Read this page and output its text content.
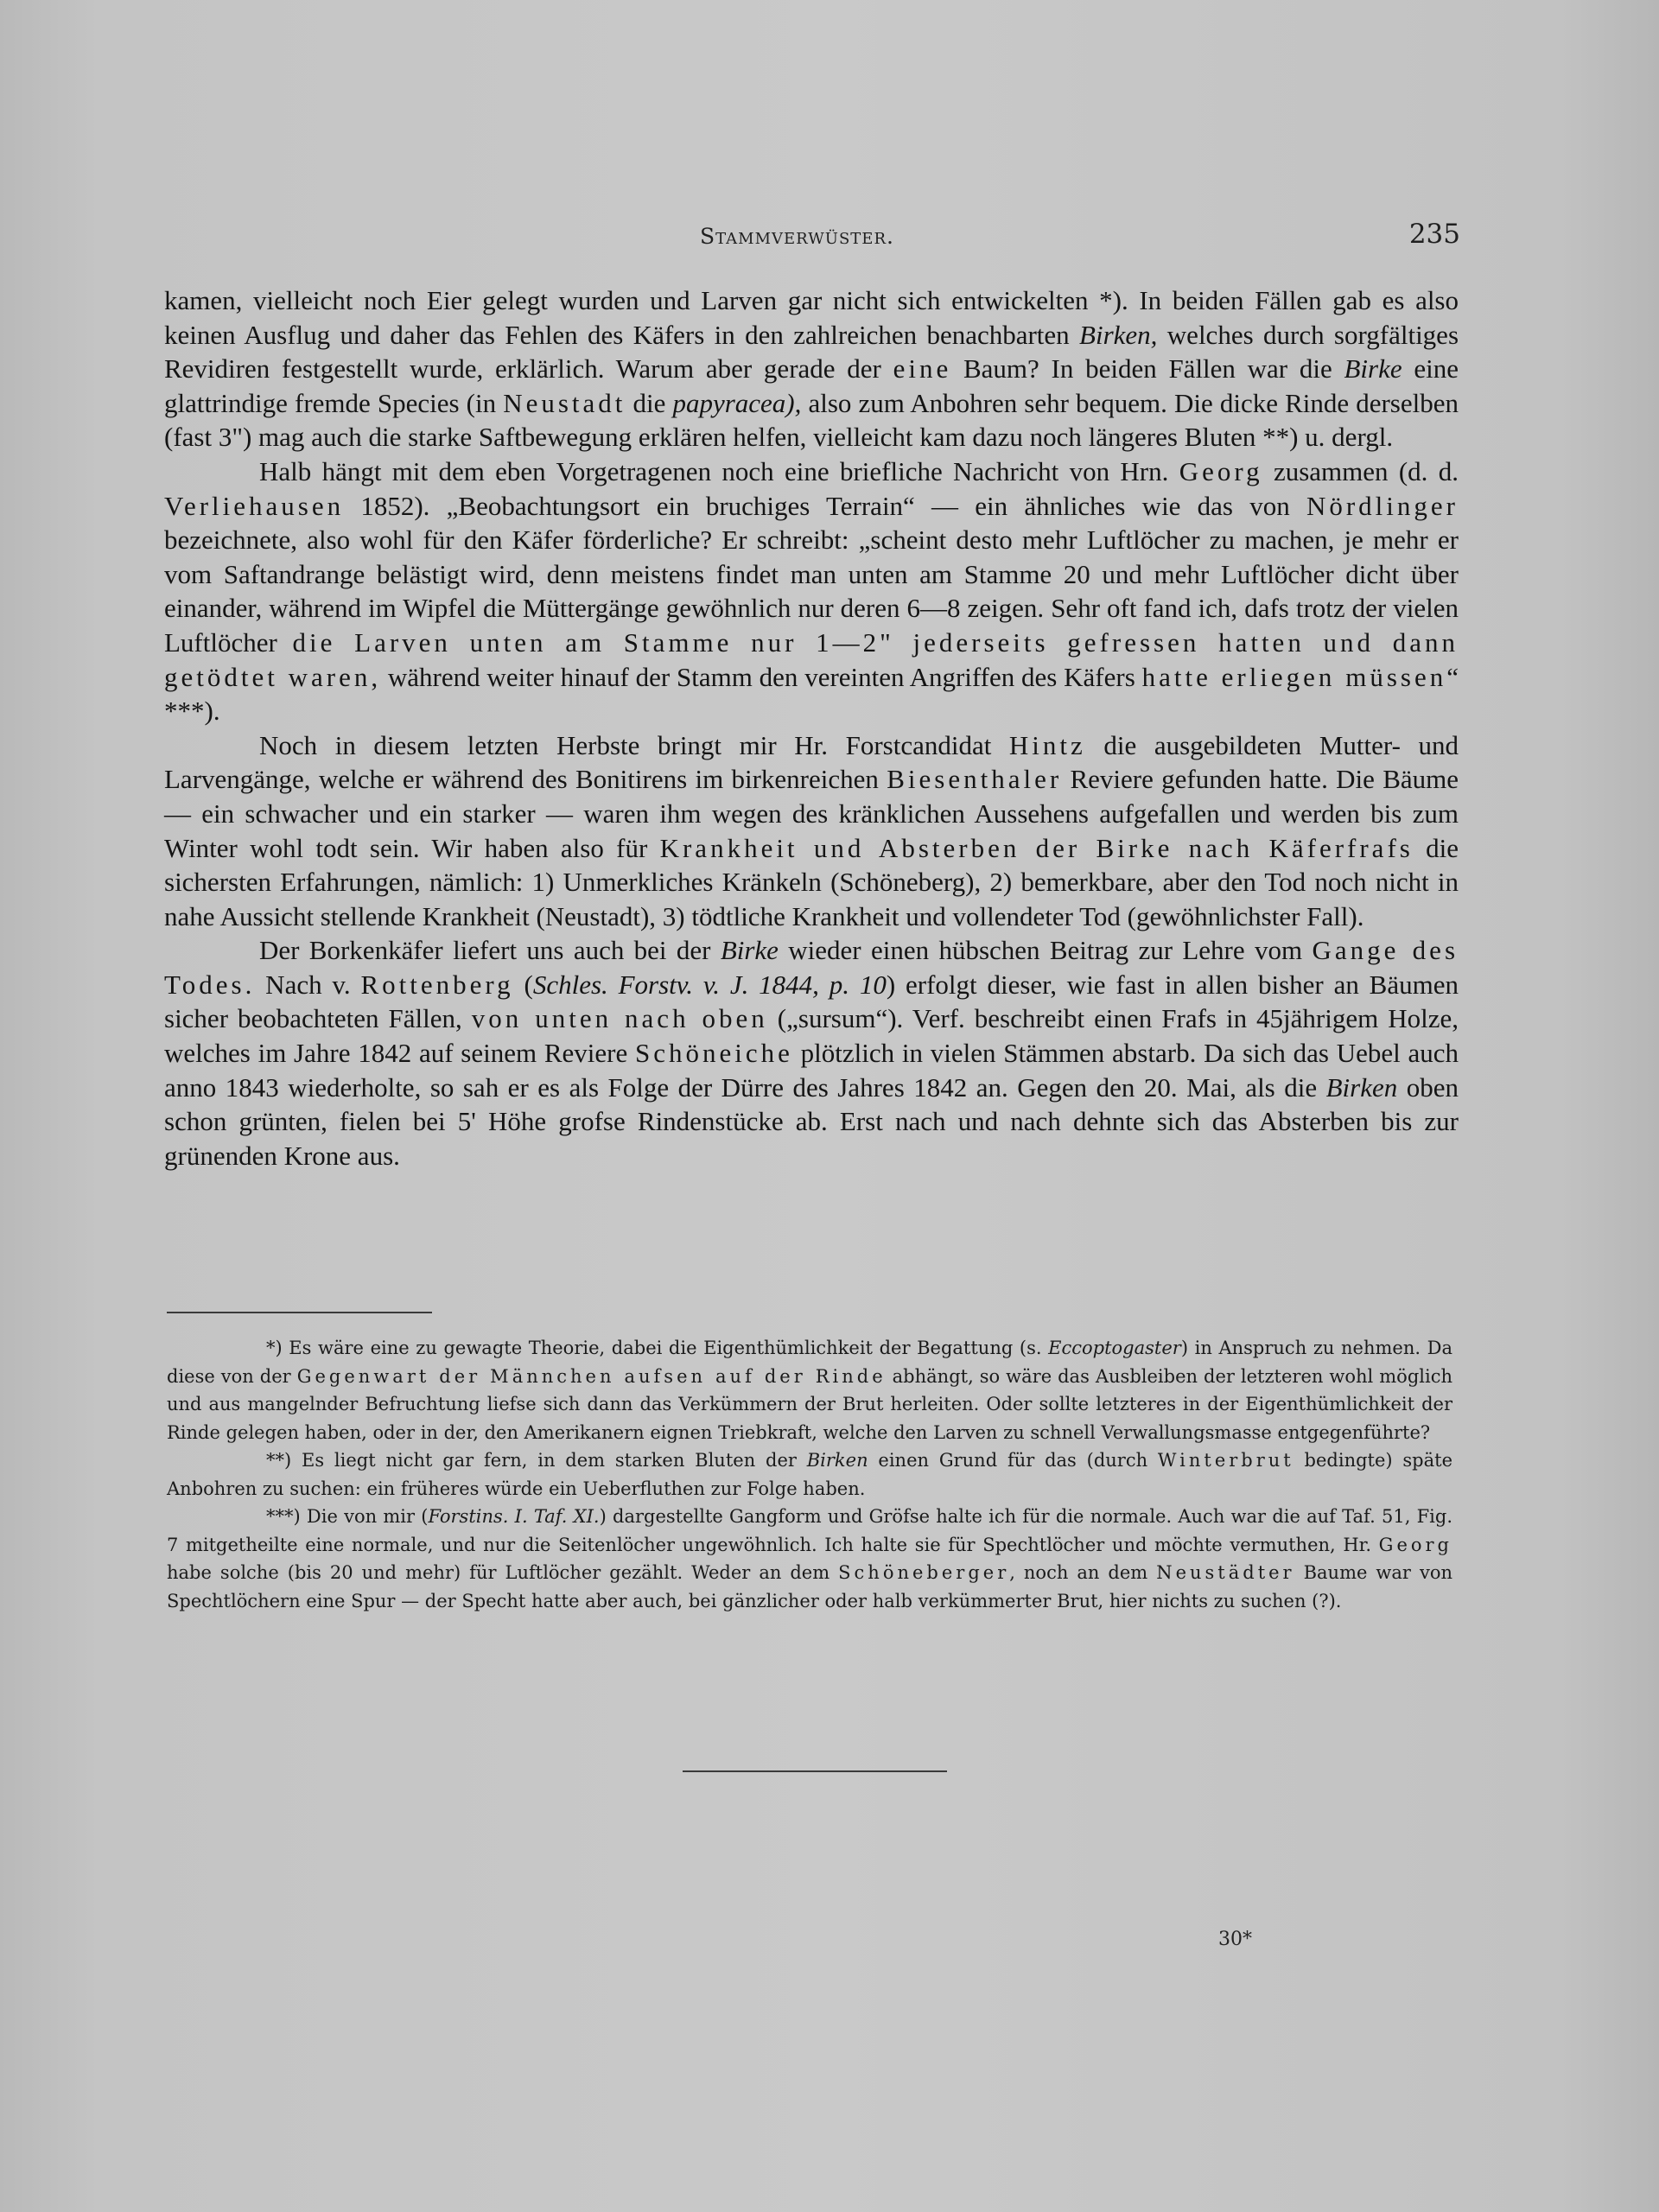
Stammverwüster.	235

kamen, vielleicht noch Eier gelegt wurden und Larven gar nicht sich entwickelten *). In beiden Fällen gab es also keinen Ausflug und daher das Fehlen des Käfers in den zahlreichen benachbarten Birken, welches durch sorgfältiges Revidiren festgestellt wurde, erklärlich. Warum aber gerade der eine Baum? In beiden Fällen war die Birke eine glattrindige fremde Species (in Neustadt die papyracea), also zum Anbohren sehr bequem. Die dicke Rinde derselben (fast 3") mag auch die starke Saftbewegung erklären helfen, vielleicht kam dazu noch längeres Bluten **) u. dergl.

Halb hängt mit dem eben Vorgetragenen noch eine briefliche Nachricht von Hrn. Georg zusammen (d. d. Verliehausen 1852). „Beobachtungsort ein bruchiges Terrain“ — ein ähnliches wie das von Nördlinger bezeichnete, also wohl für den Käfer förderliche? Er schreibt: „scheint desto mehr Luftlöcher zu machen, je mehr er vom Saftandrange belästigt wird, denn meistens findet man unten am Stamme 20 und mehr Luftlöcher dicht über einander, während im Wipfel die Müttergänge gewöhnlich nur deren 6—8 zeigen. Sehr oft fand ich, dafs trotz der vielen Luftlöcher die Larven unten am Stamme nur 1—2" jederseits gefressen hatten und dann getödtet waren, während weiter hinauf der Stamm den vereinten Angriffen des Käfers hatte erliegen müssen“ ***).

Noch in diesem letzten Herbste bringt mir Hr. Forstcandidat Hintz die ausgebildeten Mutter- und Larvengänge, welche er während des Bonitirens im birkenreichen Biesenthaler Reviere gefunden hatte. Die Bäume — ein schwacher und ein starker — waren ihm wegen des kränklichen Aussehens aufgefallen und werden bis zum Winter wohl todt sein. Wir haben also für Krankheit und Absterben der Birke nach Käferfrafs die sichersten Erfahrungen, nämlich: 1) Unmerkliches Kränkeln (Schöneberg), 2) bemerkbare, aber den Tod noch nicht in nahe Aussicht stellende Krankheit (Neustadt), 3) tödtliche Krankheit und vollendeter Tod (gewöhnlichster Fall).

Der Borkenkäfer liefert uns auch bei der Birke wieder einen hübschen Beitrag zur Lehre vom Gange des Todes. Nach v. Rottenberg (Schles. Forstv. v. J. 1844, p. 10) erfolgt dieser, wie fast in allen bisher an Bäumen sicher beobachteten Fällen, von unten nach oben („sursum“). Verf. beschreibt einen Frafs in 45jährigem Holze, welches im Jahre 1842 auf seinem Reviere Schöneiche plötzlich in vielen Stämmen abstarb. Da sich das Uebel auch anno 1843 wiederholte, so sah er es als Folge der Dürre des Jahres 1842 an. Gegen den 20. Mai, als die Birken oben schon grünten, fielen bei 5' Höhe grofse Rindenstücke ab. Erst nach und nach dehnte sich das Absterben bis zur grünenden Krone aus.

*) Es wäre eine zu gewagte Theorie, dabei die Eigenthümlichkeit der Begattung (s. Eccoptogaster) in Anspruch zu nehmen. Da diese von der Gegenwart der Männchen aufsen auf der Rinde abhängt, so wäre das Ausbleiben der letzteren wohl möglich und aus mangelnder Befruchtung liefse sich dann das Verkümmern der Brut herleiten. Oder sollte letzteres in der Eigenthümlichkeit der Rinde gelegen haben, oder in der, den Amerikanern eignen Triebkraft, welche den Larven zu schnell Verwallungsmasse entgegenführte?

**) Es liegt nicht gar fern, in dem starken Bluten der Birken einen Grund für das (durch Winterbrut bedingte) späte Anbohren zu suchen: ein früheres würde ein Ueberfluthen zur Folge haben.

***) Die von mir (Forstins. I. Taf. XI.) dargestellte Gangform und Gröfse halte ich für die normale. Auch war die auf Taf. 51, Fig. 7 mitgetheilte eine normale, und nur die Seitenlöcher ungewöhnlich. Ich halte sie für Spechtlöcher und möchte vermuthen, Hr. Georg habe solche (bis 20 und mehr) für Luftlöcher gezählt. Weder an dem Schöneberger, noch an dem Neustädter Baume war von Spechtlöchern eine Spur — der Specht hatte aber auch, bei gänzlicher oder halb verkümmerter Brut, hier nichts zu suchen (?).

30*
